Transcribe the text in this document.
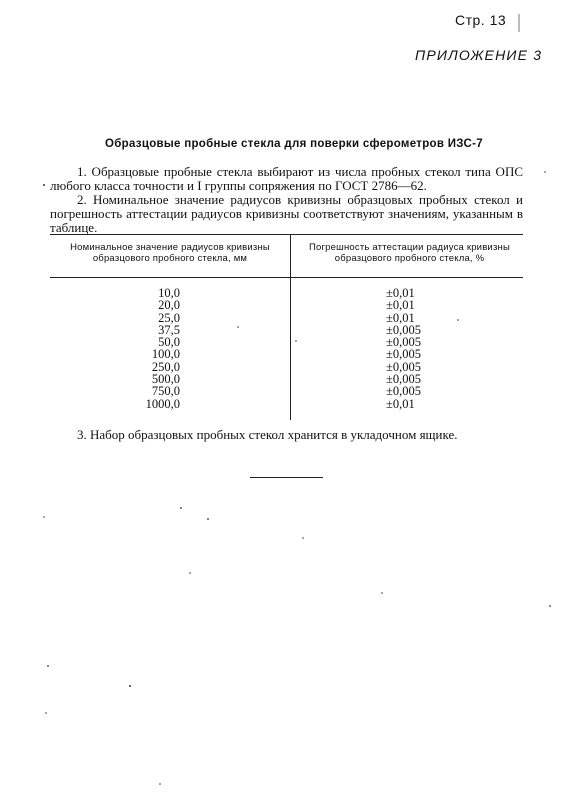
Стр. 13
ПРИЛОЖЕНИЕ 3
Образцовые пробные стекла для поверки сферометров ИЗС-7

1. Образцовые пробные стекла выбирают из числа пробных стекол типа ОПС любого класса точности и I группы сопряжения по ГОСТ 2786—62.

2. Номинальное значение радиусов кривизны образцовых пробных стекол и погрешность аттестации радиусов кривизны соответствуют значениям, указанным в таблице.

Номинальное значение радиусов кривизны образцового пробного стекла, мм
Погрешность аттестации радиуса кривизны образцового пробного стекла, %
10,0
20,0
25,0
37,5
50,0
100,0
250,0
500,0
750,0
1000,0
±0,01
±0,01
±0,01
±0,005
±0,005
±0,005
±0,005
±0,005
±0,005
±0,01

3. Набор образцовых пробных стекол хранится в укладочном ящике.
